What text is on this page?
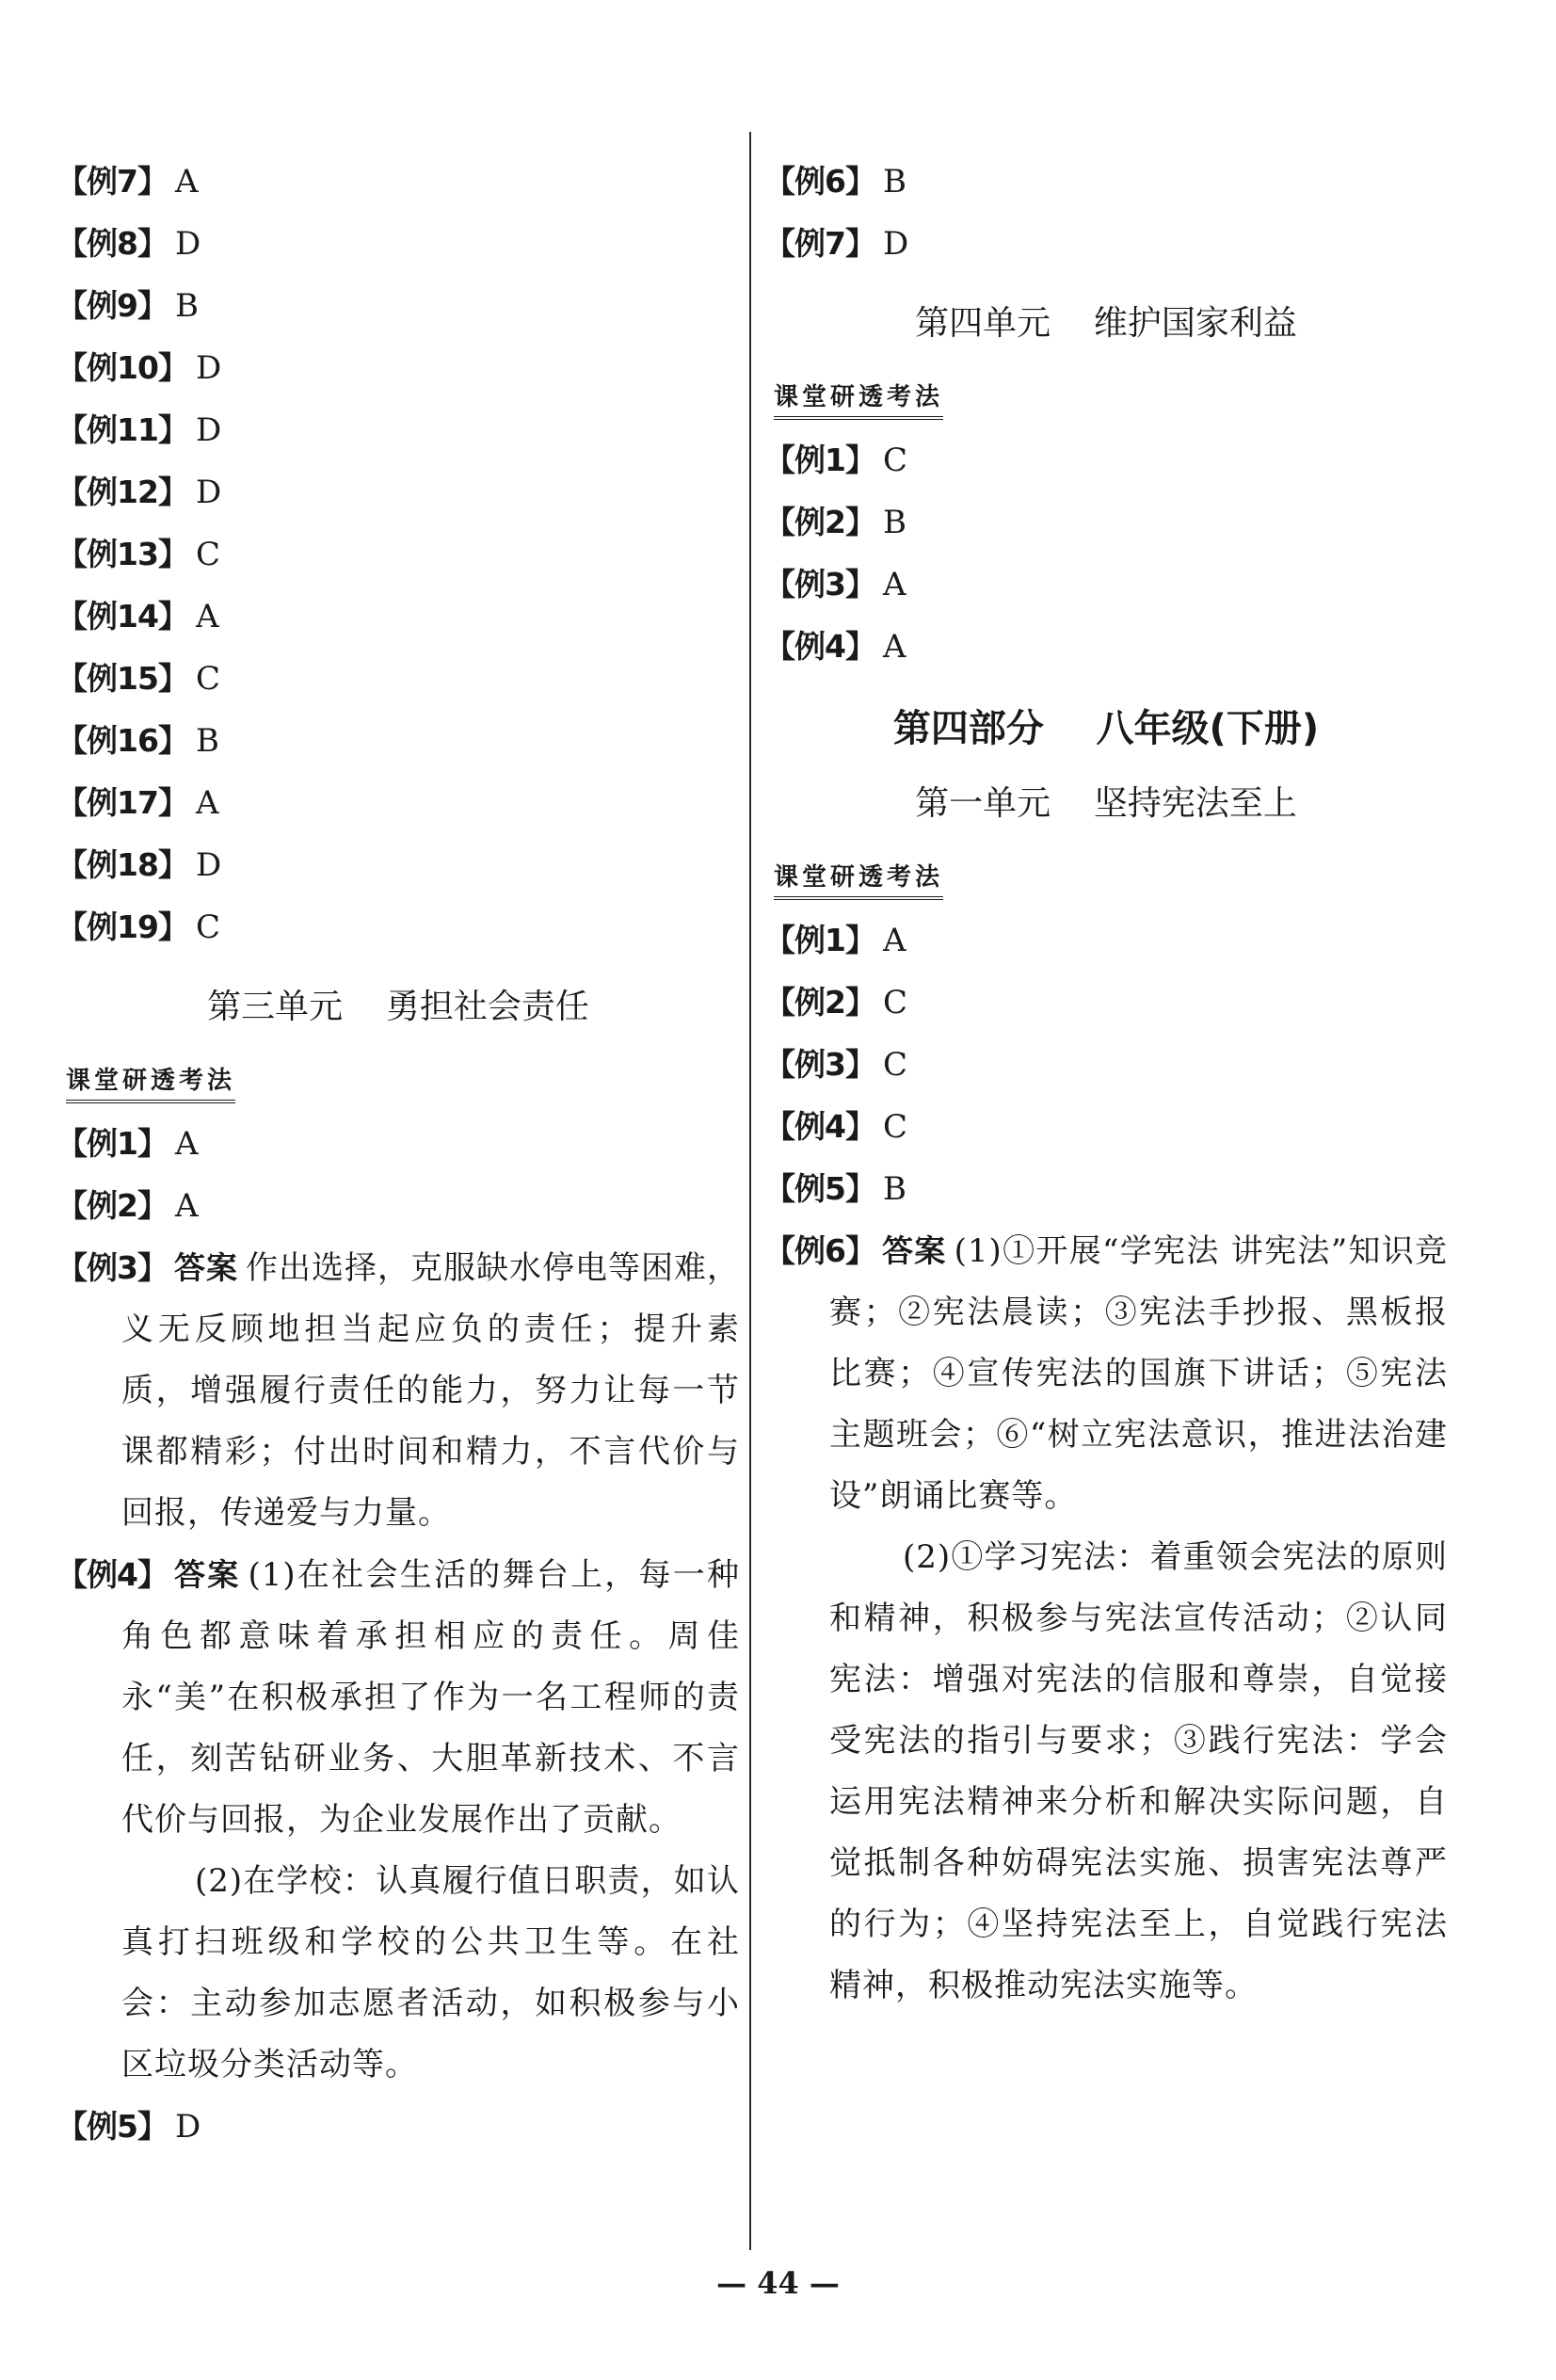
【例7】 A
【例8】 D
【例9】 B
【例10】 D
【例11】 D
【例12】 D
【例13】 C
【例14】 A
【例15】 C
【例16】 B
【例17】 A
【例18】 D
【例19】 C
第三单元    勇担社会责任
课堂研透考法
【例1】 A
【例2】 A
【例3】 答案 作出选择，克服缺水停电等困难，义无反顾地担当起应负的责任；提升素质，增强履行责任的能力，努力让每一节课都精彩；付出时间和精力，不言代价与回报，传递爱与力量。
【例4】 答案 (1)在社会生活的舞台上，每一种角色都意味着承担相应的责任。周佳永“美”在积极承担了作为一名工程师的责任，刻苦钻研业务、大胆革新技术、不言代价与回报，为企业发展作出了贡献。
(2)在学校：认真履行值日职责，如认真打扫班级和学校的公共卫生等。在社会：主动参加志愿者活动，如积极参与小区垃圾分类活动等。
【例5】 D
【例6】 B
【例7】 D
第四单元    维护国家利益
课堂研透考法
【例1】 C
【例2】 B
【例3】 A
【例4】 A
第四部分    八年级(下册)
第一单元    坚持宪法至上
课堂研透考法
【例1】 A
【例2】 C
【例3】 C
【例4】 C
【例5】 B
【例6】 答案 (1)①开展“学宪法 讲宪法”知识竞赛；②宪法晨读；③宪法手抄报、黑板报比赛；④宣传宪法的国旗下讲话；⑤宪法主题班会；⑥“树立宪法意识，推进法治建设”朗诵比赛等。
(2)①学习宪法：着重领会宪法的原则和精神，积极参与宪法宣传活动；②认同宪法：增强对宪法的信服和尊崇，自觉接受宪法的指引与要求；③践行宪法：学会运用宪法精神来分析和解决实际问题，自觉抵制各种妨碍宪法实施、损害宪法尊严的行为；④坚持宪法至上，自觉践行宪法精神，积极推动宪法实施等。
— 44 —
